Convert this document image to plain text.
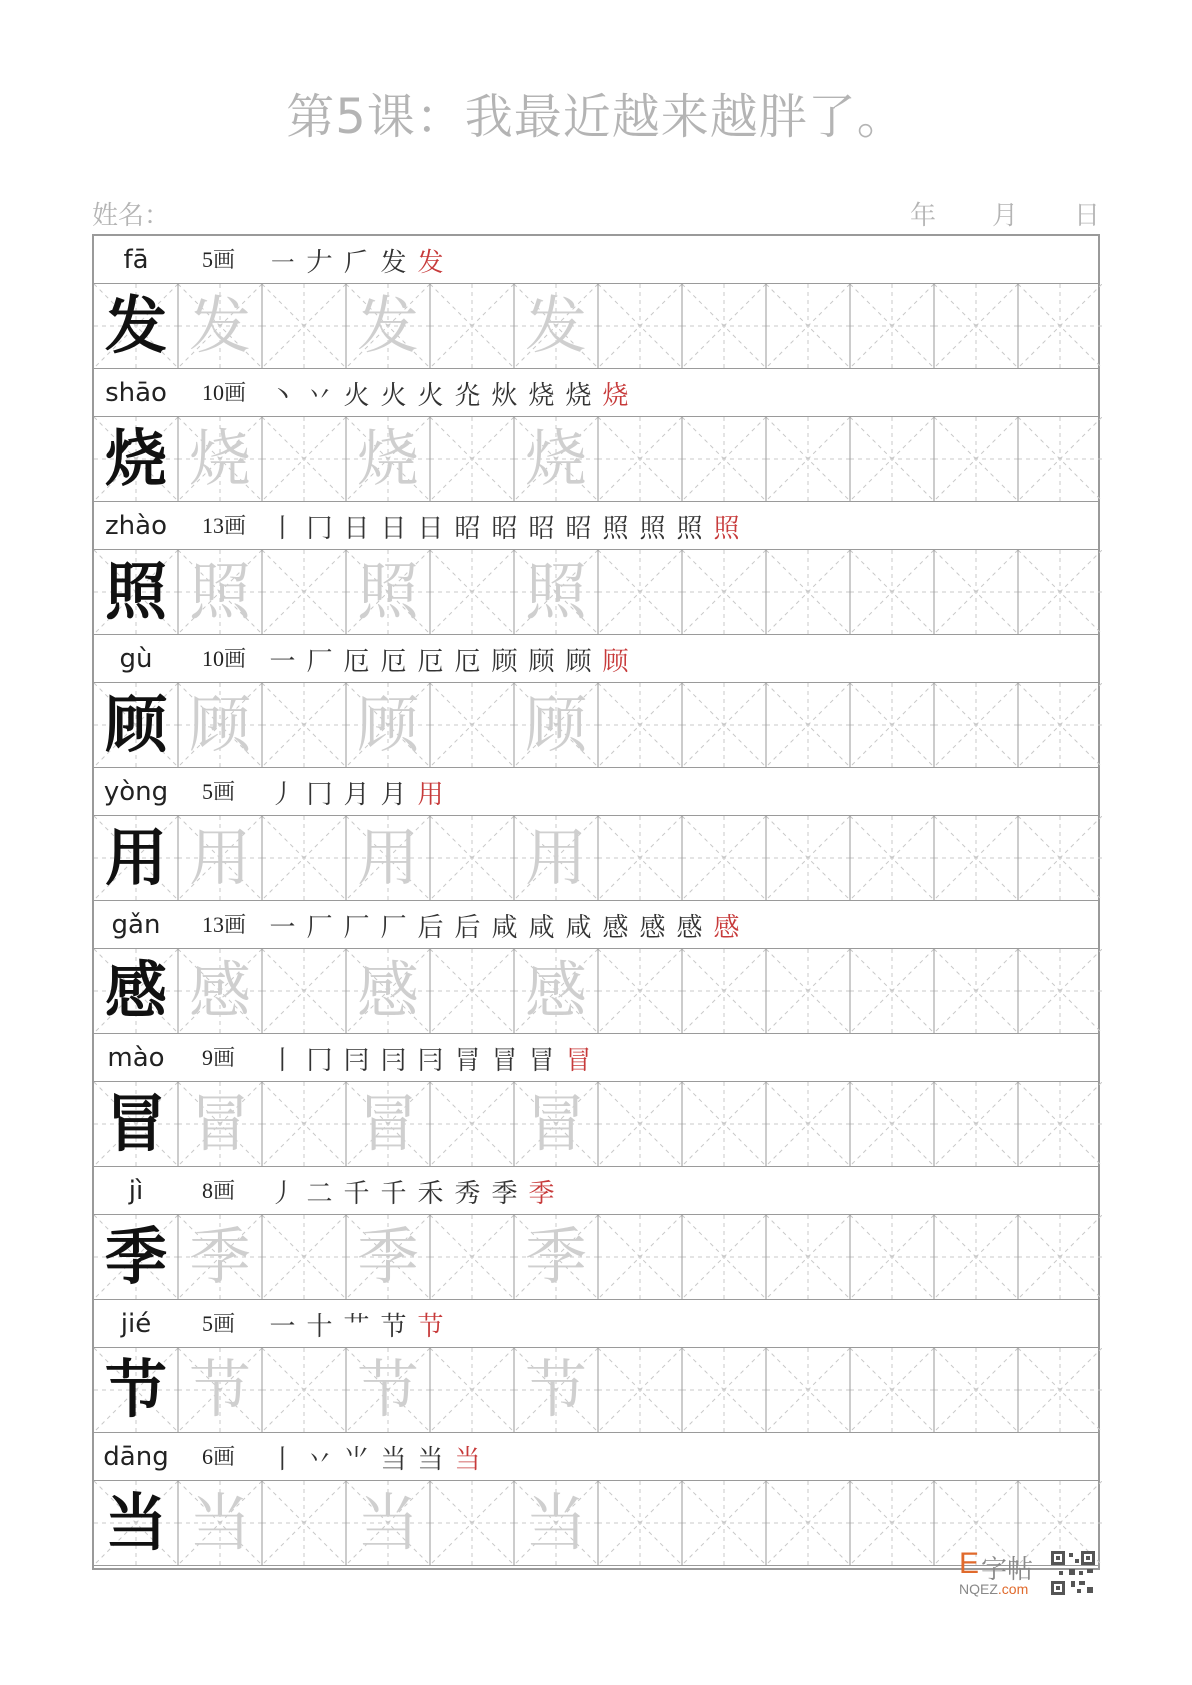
第5课：我最近越来越胖了。
姓名：	年 月 日
fā	5画 ㇐ 𠂇 𠂆 发 发
发 发 发 发
shāo	10画 丶 丷 火 火 火 灮 炏 烧 烧 烧
烧 烧 烧 烧
zhào	13画 丨 冂 日 日 日 昭 昭 昭 昭 照 照 照 照
照 照 照 照
gù	10画 一 厂 厄 厄 厄 厄 顾 顾 顾 顾
顾 顾 顾 顾
yòng	5画 丿 冂 月 月 用
用 用 用 用
gǎn	13画 一 厂 厂 厂 后 后 咸 咸 咸 感 感 感 感
感 感 感 感
mào	9画 丨 冂 冃 冃 冃 冐 冒 冒 冒
冒 冒 冒 冒
jì	8画 丿 二 千 千 禾 秀 季 季
季 季 季 季
jié	5画 一 十 艹 节 节
节 节 节 节
dāng	6画 丨 丷 ⺌ 当 当 当
当 当 当 当
E 字帖
NQEZ.com
